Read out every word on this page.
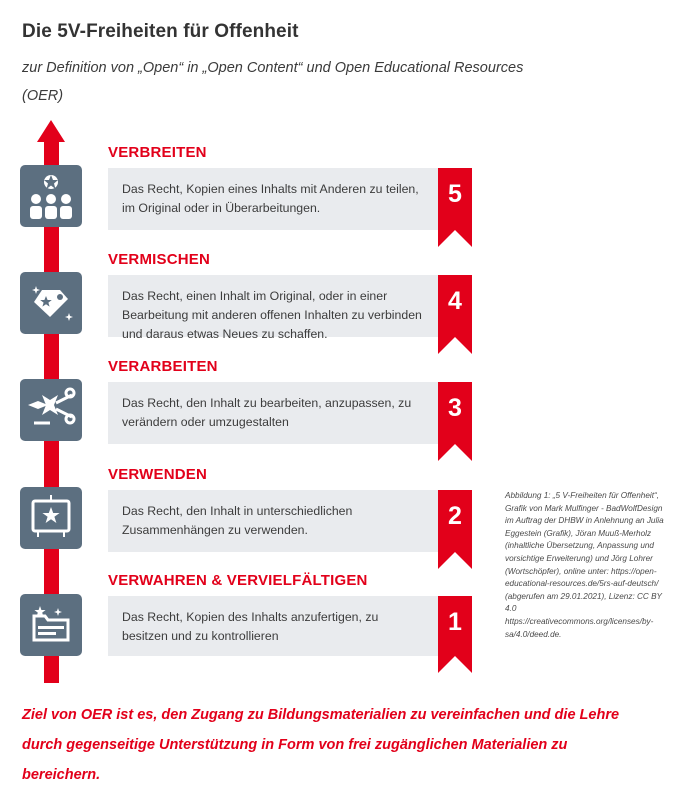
Die 5V-Freiheiten für Offenheit
zur Definition von „Open“ in „Open Content“ und Open Educational Resources (OER)
VERBREITEN
Das Recht, Kopien eines Inhalts mit Anderen zu teilen, im Original oder in Überarbeitungen.	5
VERMISCHEN
Das Recht, einen Inhalt im Original, oder in einer Bearbeitung mit anderen offenen Inhalten zu verbinden und daraus etwas Neues zu schaffen.
4
VERARBEITEN
Das Recht, den Inhalt zu bearbeiten, anzupassen, zu verändern oder umzugestalten	3
VERWENDEN
Das Recht, den Inhalt in unterschiedlichen Zusammenhängen zu verwenden.	2
VERWAHREN & VERVIELFÄLTIGEN
Das Recht, Kopien des Inhalts anzufertigen, zu besitzen und zu kontrollieren	1
Abbildung 1: „5 V-Freiheiten für Offenheit“, Grafik von Mark Mulfinger - BadWolfDesign im Auftrag der DHBW in Anlehnung an Julia Eggestein (Grafik), Jöran Muuß-Merholz (inhaltliche Übersetzung, Anpassung und vorsichtige Erweiterung) und Jörg Lohrer (Wortschöpfer), online unter: https://open-educational-resources.de/5rs-auf-deutsch/ (abgerufen am 29.01.2021), Lizenz: CC BY 4.0 https://creativecommons.org/licenses/by-sa/4.0/deed.de.
Ziel von OER ist es, den Zugang zu Bildungsmaterialien zu vereinfachen und die Lehre durch gegenseitige Unterstützung in Form von frei zugänglichen Materialien zu bereichern.
